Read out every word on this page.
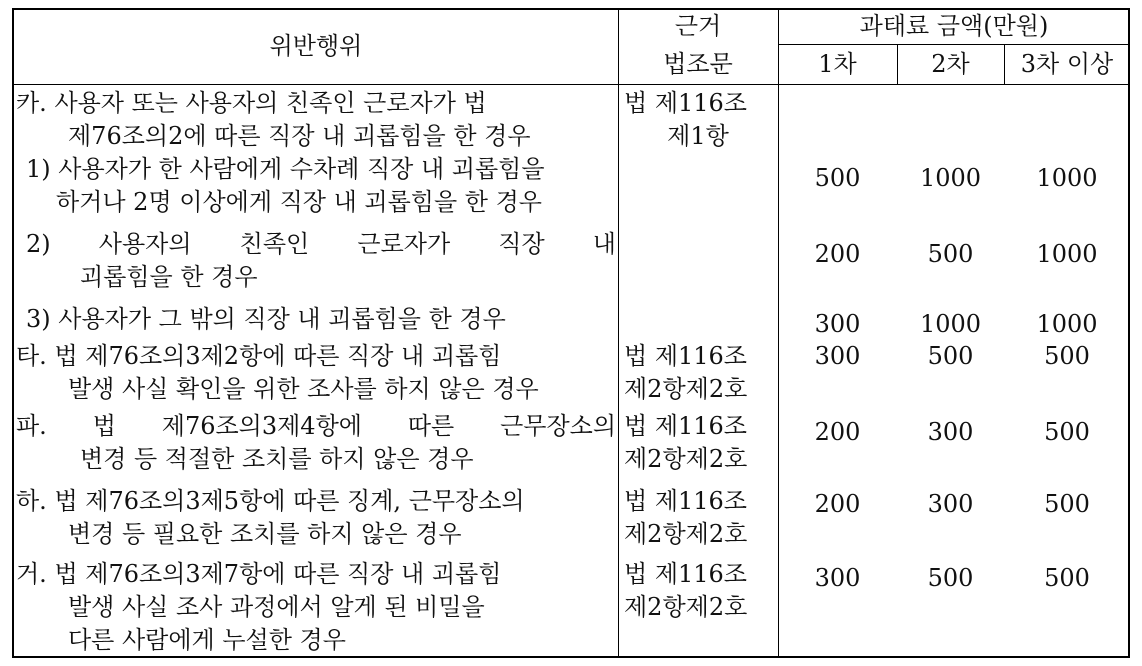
위반행위
근거
법조문
과태료 금액(만원)
1차	2차	3차 이상
카. 사용자 또는 사용자의 친족인 근로자가 법
제76조의2에 따른 직장 내 괴롭힘을 한 경우
법 제116조
제1항
1) 사용자가 한 사람에게 수차례 직장 내 괴롭힘을
하거나 2명 이상에게 직장 내 괴롭힘을 한 경우
500	1000	1000
2) 사용자의 친족인 근로자가 직장 내
괴롭힘을 한 경우
200	500	1000
3) 사용자가 그 밖의 직장 내 괴롭힘을 한 경우	300	1000	1000
타. 법 제76조의3제2항에 따른 직장 내 괴롭힘
발생 사실 확인을 위한 조사를 하지 않은 경우
법 제116조
제2항제2호
300	500	500
파. 법 제76조의3제4항에 따른 근무장소의
변경 등 적절한 조치를 하지 않은 경우
법 제116조
제2항제2호
200	300	500
하. 법 제76조의3제5항에 따른 징계, 근무장소의
변경 등 필요한 조치를 하지 않은 경우
법 제116조
제2항제2호
200	300	500
거. 법 제76조의3제7항에 따른 직장 내 괴롭힘
발생 사실 조사 과정에서 알게 된 비밀을
다른 사람에게 누설한 경우
법 제116조
제2항제2호
300	500	500
